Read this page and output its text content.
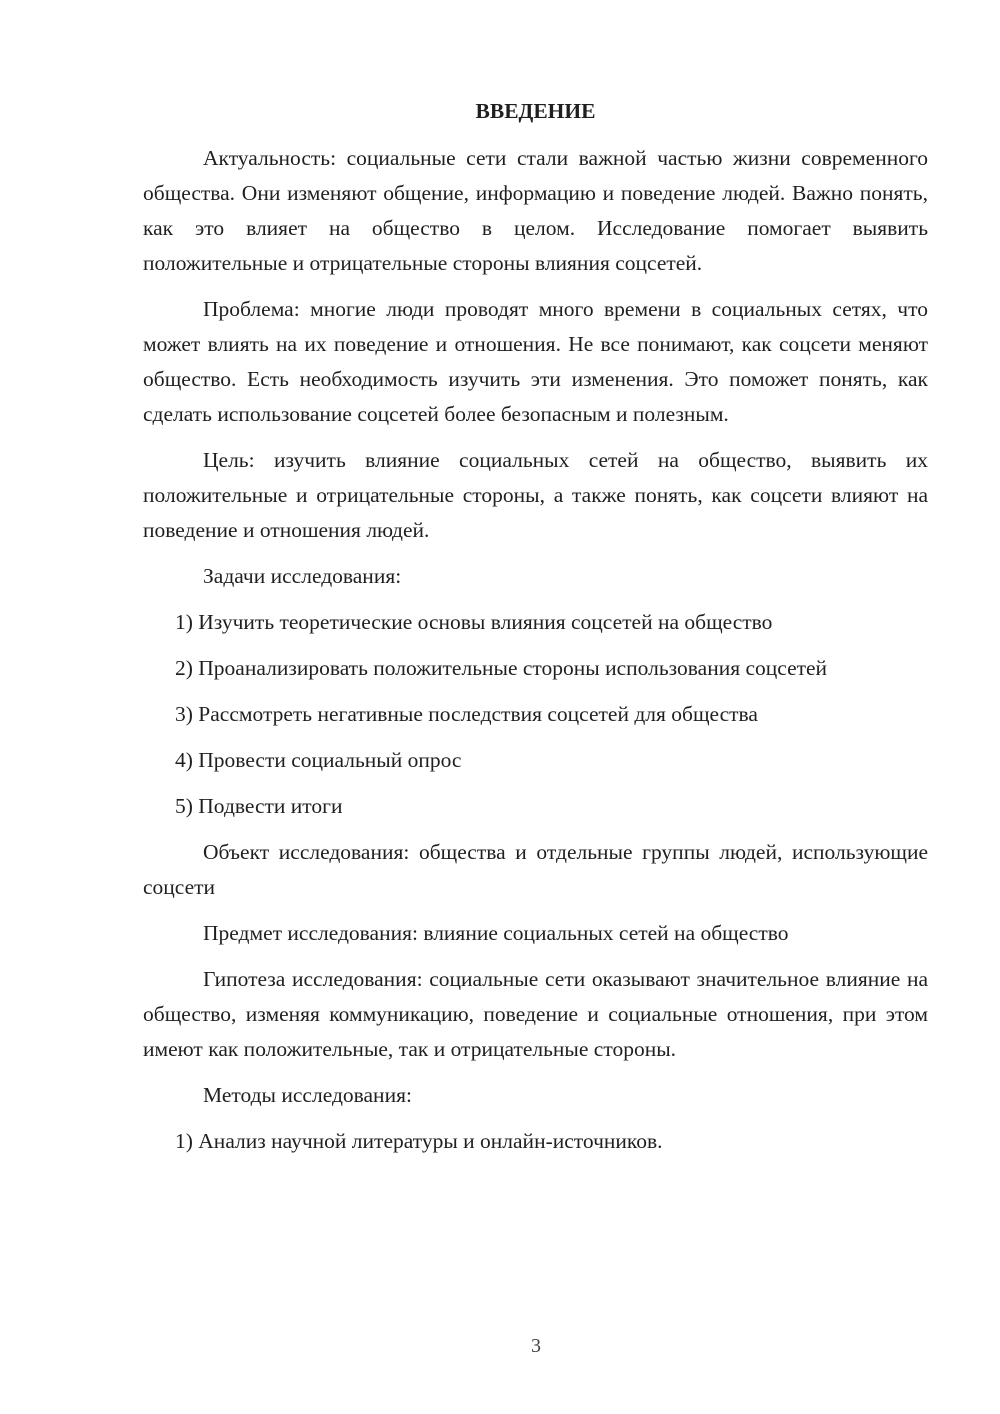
ВВЕДЕНИЕ

Актуальность: социальные сети стали важной частью жизни современного общества. Они изменяют общение, информацию и поведение людей. Важно понять, как это влияет на общество в целом. Исследование помогает выявить положительные и отрицательные стороны влияния соцсетей.

Проблема: многие люди проводят много времени в социальных сетях, что может влиять на их поведение и отношения. Не все понимают, как соцсети меняют общество. Есть необходимость изучить эти изменения. Это поможет понять, как сделать использование соцсетей более безопасным и полезным.

Цель: изучить влияние социальных сетей на общество, выявить их положительные и отрицательные стороны, а также понять, как соцсети влияют на поведение и отношения людей.

Задачи исследования:

1) Изучить теоретические основы влияния соцсетей на общество

2) Проанализировать положительные стороны использования соцсетей

3) Рассмотреть негативные последствия соцсетей для общества

4) Провести социальный опрос

5) Подвести итоги

Объект исследования: общества и отдельные группы людей, использующие соцсети

Предмет исследования: влияние социальных сетей на общество

Гипотеза исследования: социальные сети оказывают значительное влияние на общество, изменяя коммуникацию, поведение и социальные отношения, при этом имеют как положительные, так и отрицательные стороны.

Методы исследования:

1) Анализ научной литературы и онлайн-источников.

3
